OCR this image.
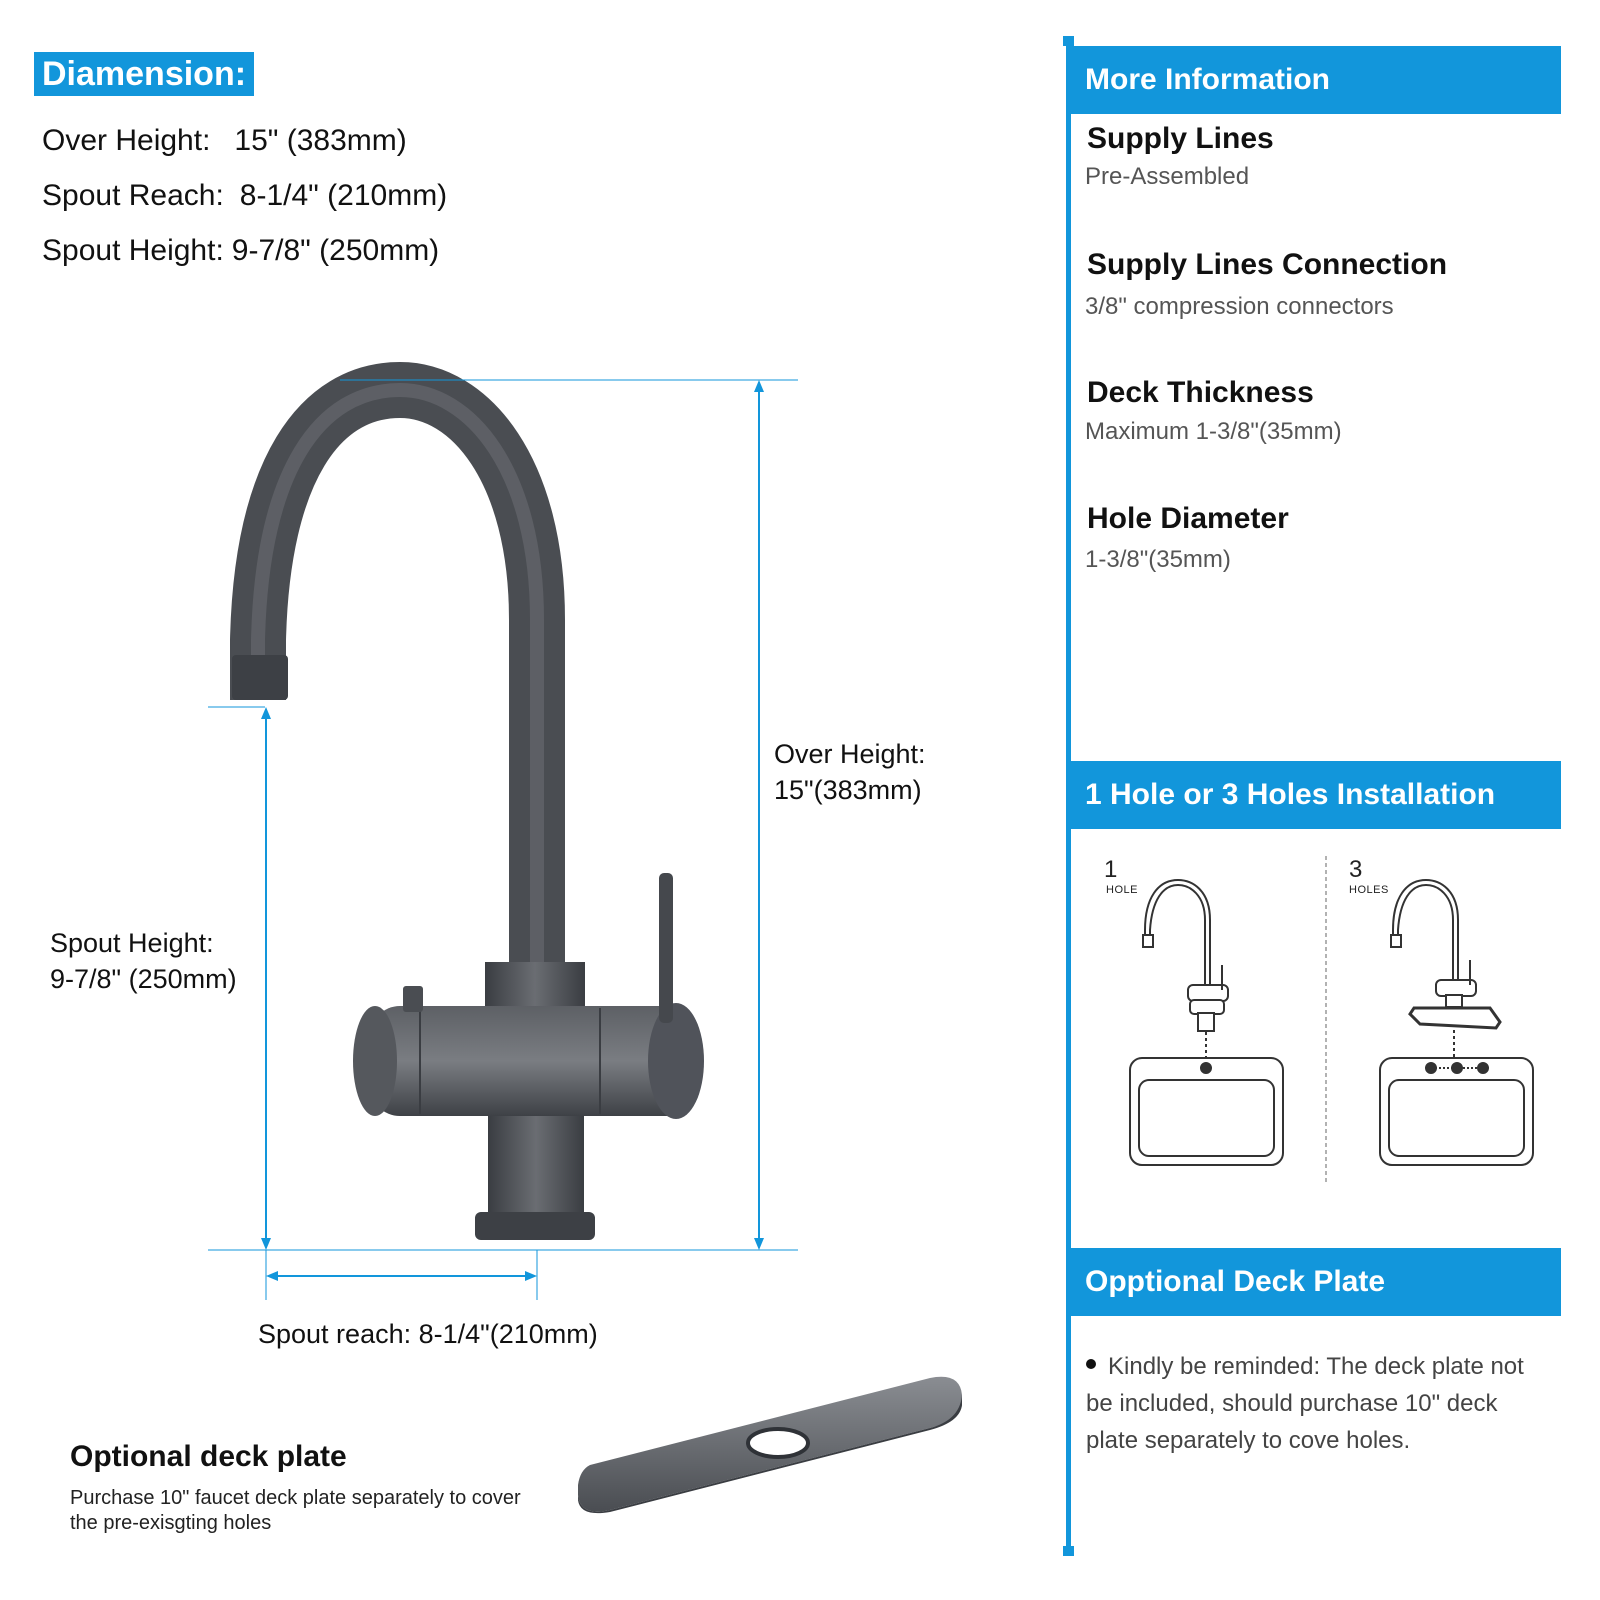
Diamension:
Over Height: 15" (383mm)
Spout Reach: 8-1/4" (210mm)
Spout Height: 9-7/8" (250mm)
Over Height:
15"(383mm)
Spout Height:
9-7/8" (250mm)
Spout reach: 8-1/4"(210mm)
Optional deck plate
Purchase 10" faucet deck plate separately to cover the pre-exisgting holes
More Information
Supply Lines
Pre-Assembled
Supply Lines Connection
3/8" compression connectors
Deck Thickness
Maximum 1-3/8"(35mm)
Hole Diameter
1-3/8"(35mm)
1 Hole or 3 Holes Installation
1
HOLE
3
HOLES
Opptional Deck Plate
Kindly be reminded: The deck plate not be included, should purchase 10" deck plate separately to cove holes.
